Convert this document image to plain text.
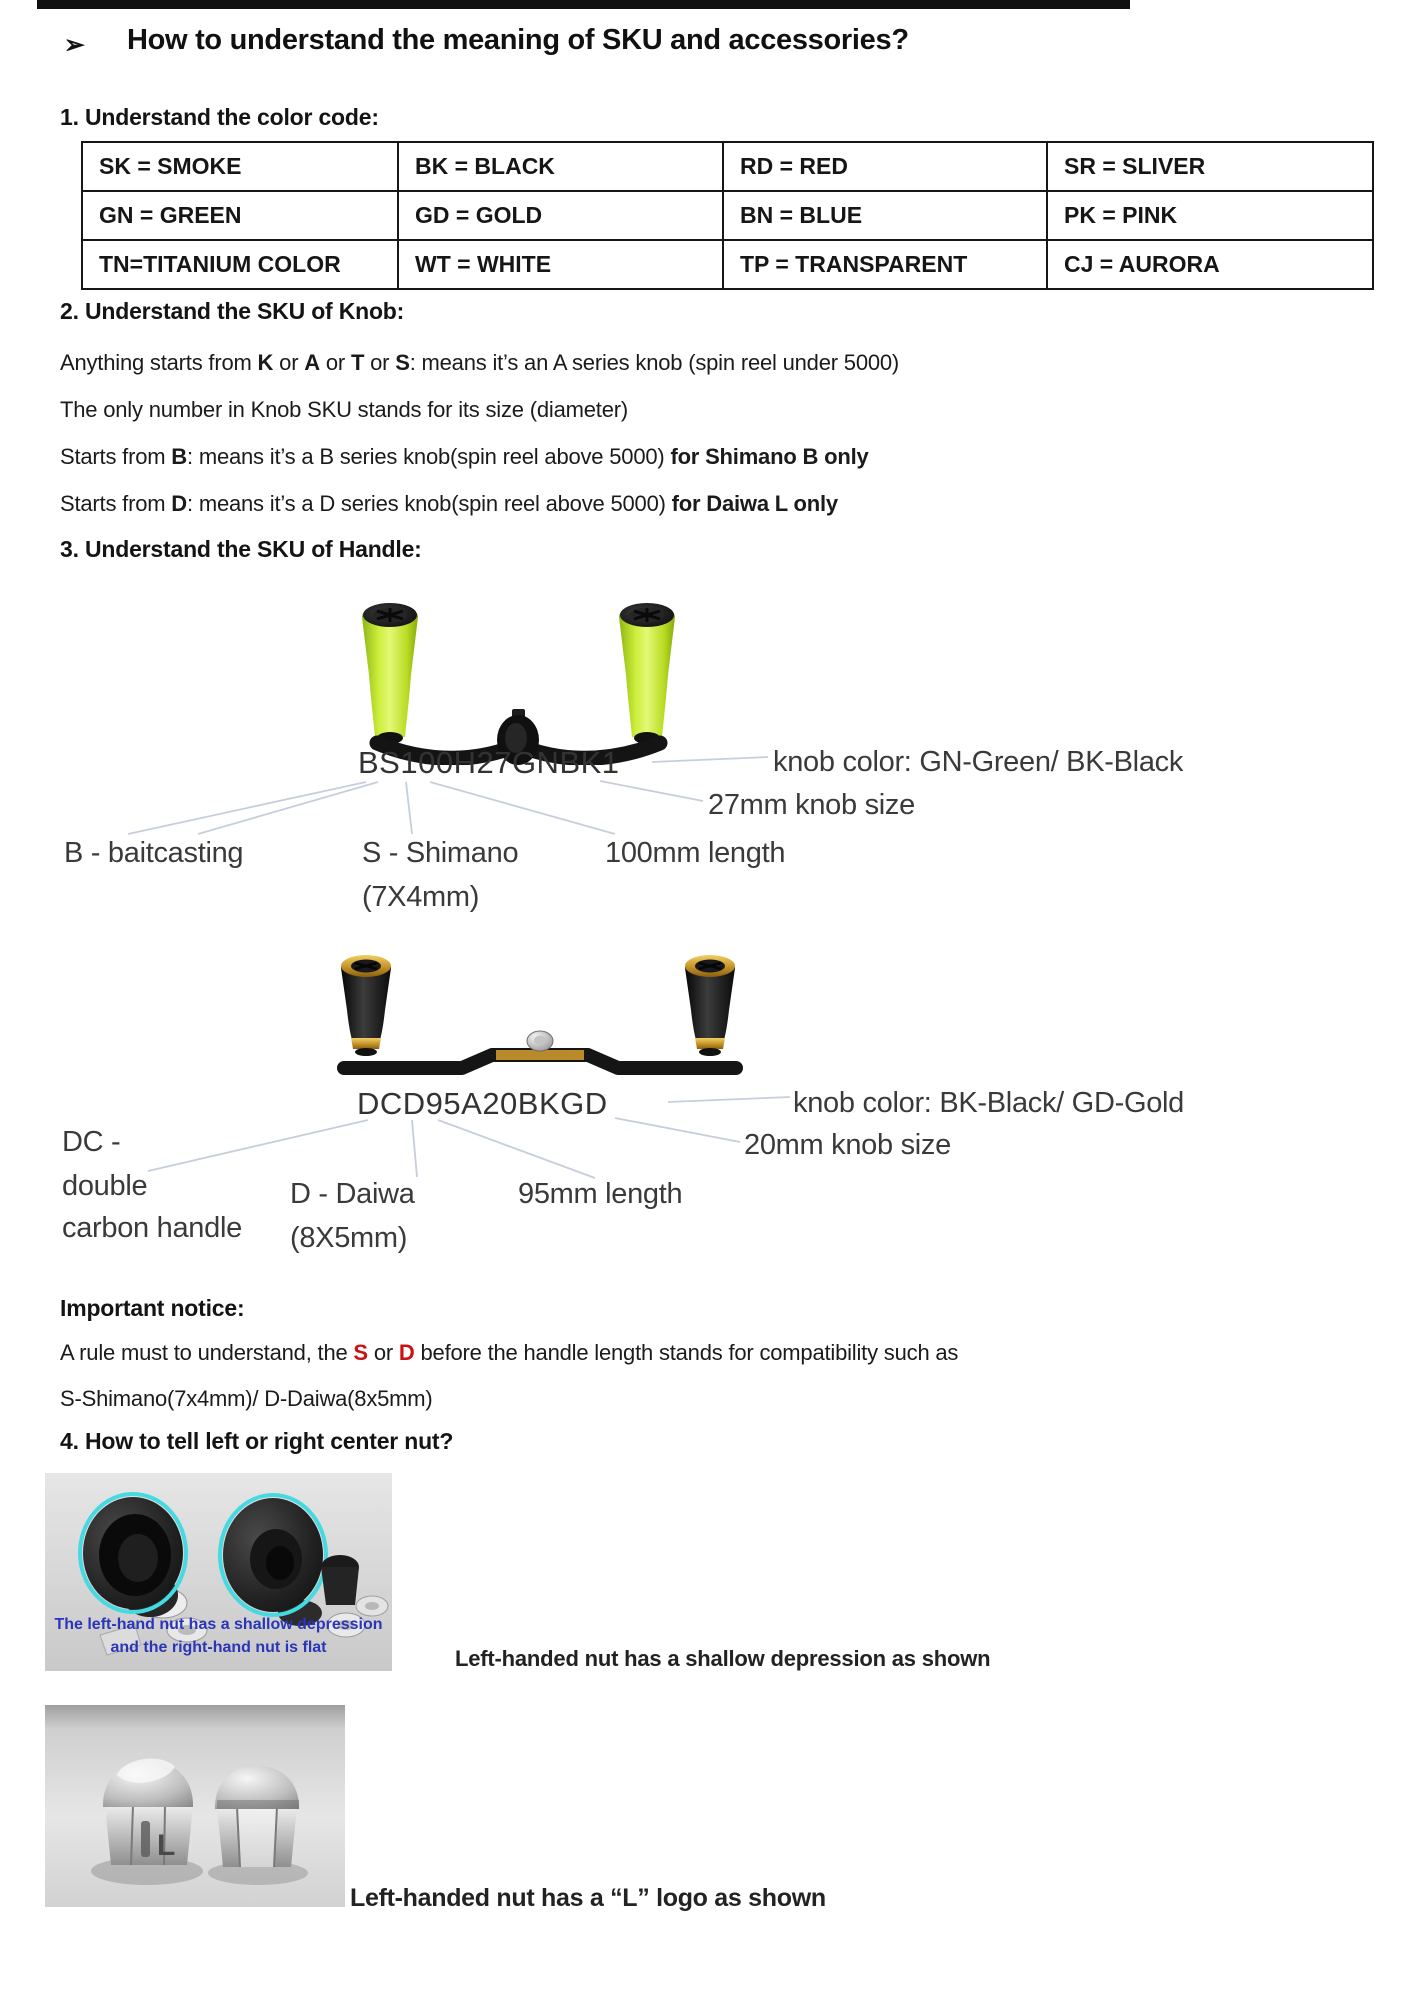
➢ How to understand the meaning of SKU and accessories?
1. Understand the color code:
SK = SMOKE	BK = BLACK	RD = RED	SR = SLIVER
GN = GREEN	GD = GOLD	BN = BLUE	PK = PINK
TN=TITANIUM COLOR	WT = WHITE	TP = TRANSPARENT	CJ = AURORA
2. Understand the SKU of Knob:
Anything starts from K or A or T or S: means it’s an A series knob (spin reel under 5000)
The only number in Knob SKU stands for its size (diameter)
Starts from B: means it’s a B series knob(spin reel above 5000) for Shimano B only
Starts from D: means it’s a D series knob(spin reel above 5000) for Daiwa L only
3. Understand the SKU of Handle:
BS100H27GNBK1	knob color: GN-Green/ BK-Black
27mm knob size
B - baitcasting	S - Shimano
(7X4mm)
100mm length
DCD95A20BKGD	knob color: BK-Black/ GD-Gold
20mm knob size
DC -
double
carbon handle
D - Daiwa
(8X5mm)
95mm length
Important notice:
A rule must to understand, the S or D before the handle length stands for compatibility such as
S-Shimano(7x4mm)/ D-Daiwa(8x5mm)
4. How to tell left or right center nut?
The left-hand nut has a shallow depression
and the right-hand nut is flat	Left-handed nut has a shallow depression as shown
L
Left-handed nut has a “L” logo as shown
